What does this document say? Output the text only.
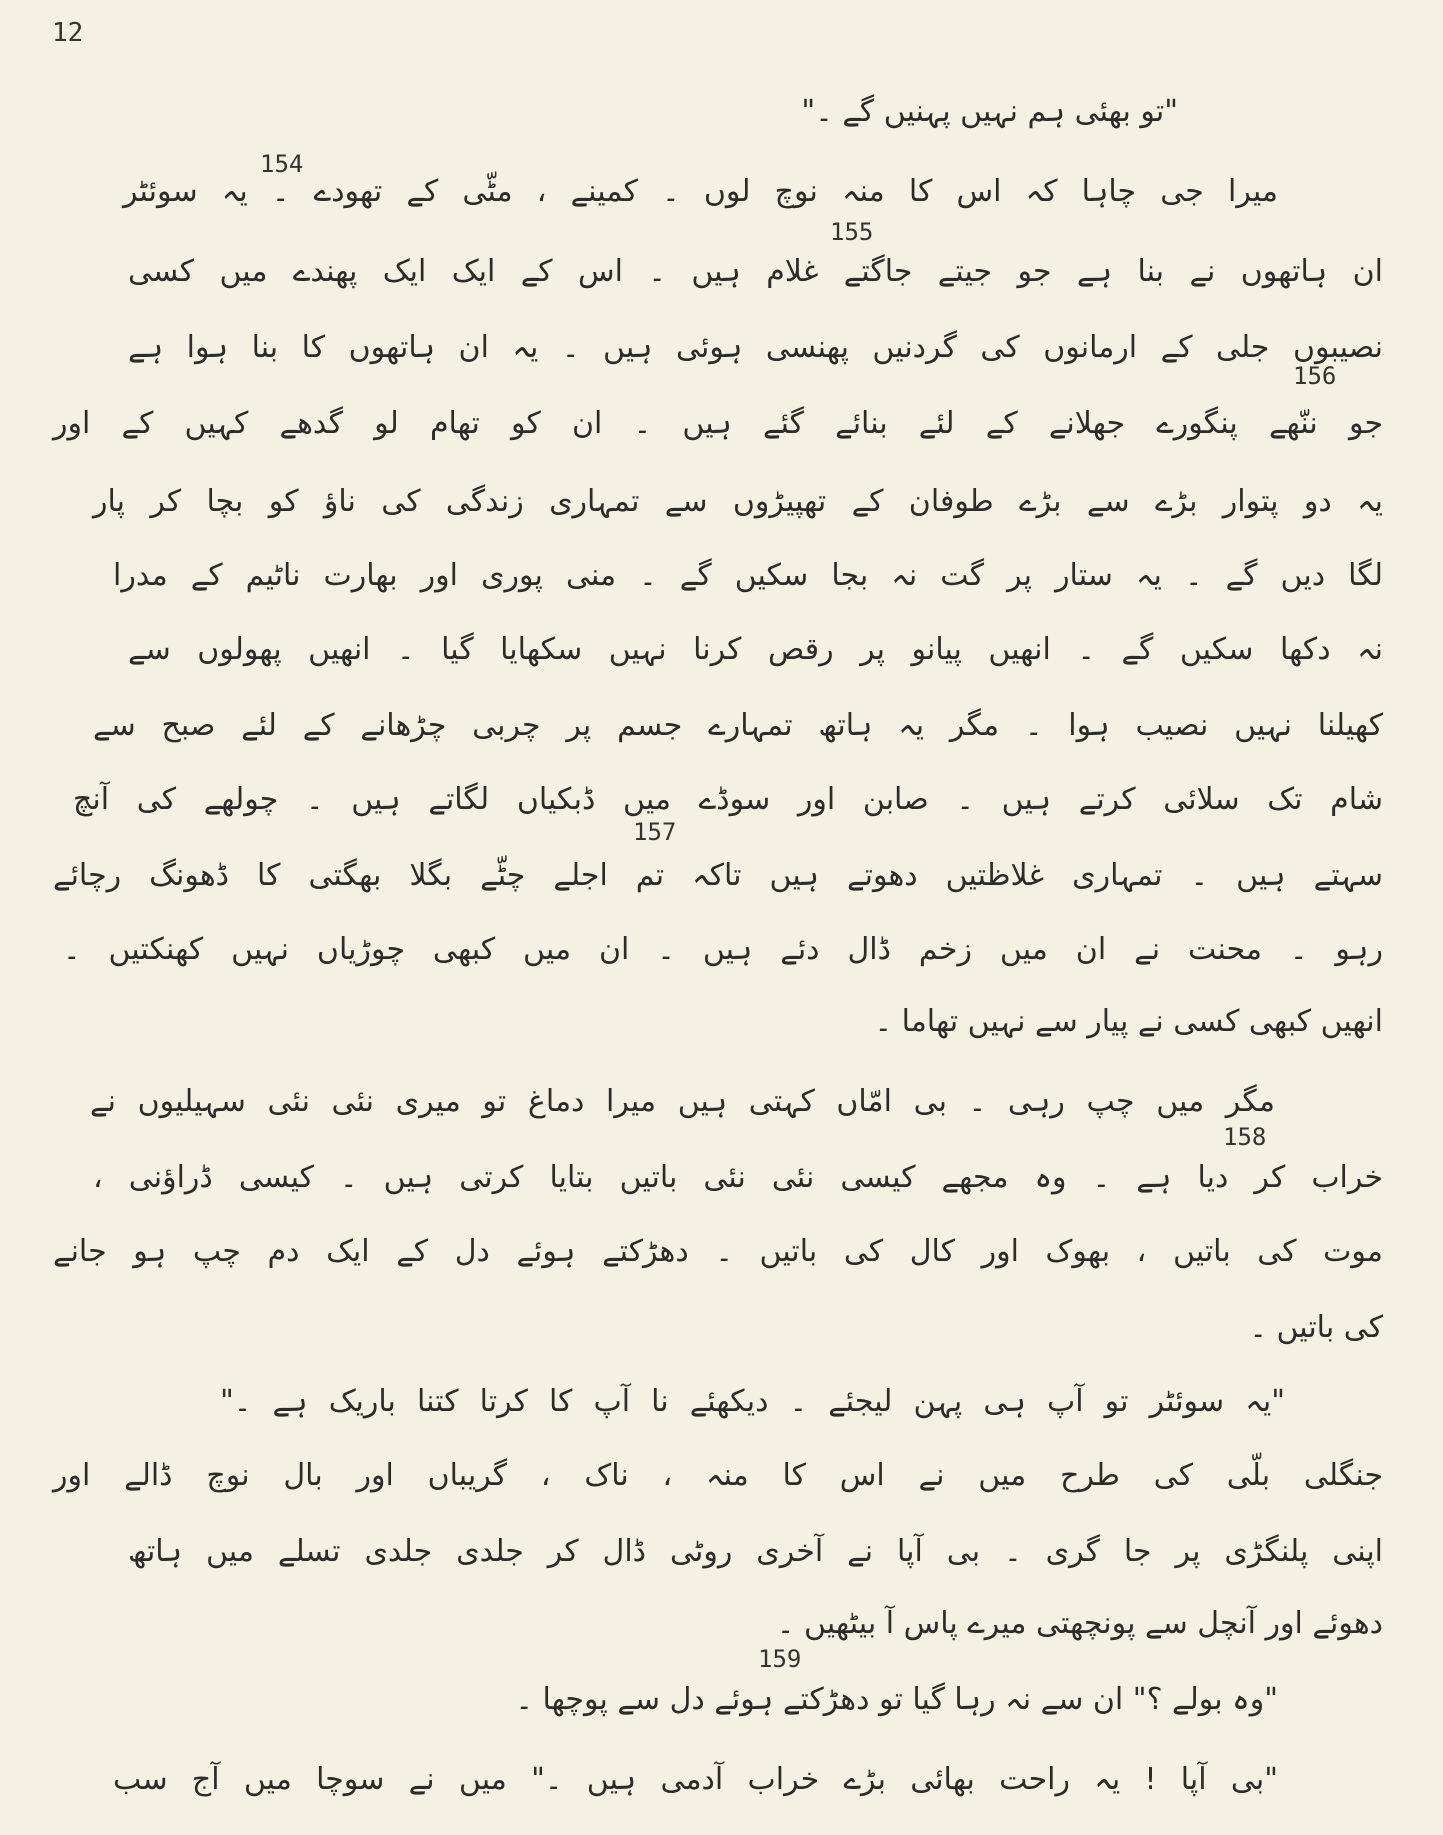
12
154
155
156
157
158
159
"تو بھئی ہم نہیں پہنیں گے ۔"
میرا جی چاہا کہ اس کا منہ نوچ لوں ۔ کمینے ، مٹّی کے تھودے ۔ یہ سوئٹر
ان ہاتھوں نے بنا ہے جو جیتے جاگتے غلام ہیں ۔ اس کے ایک ایک پھندے میں کسی
نصیبوں جلی کے ارمانوں کی گردنیں پھنسی ہوئی ہیں ۔ یہ ان ہاتھوں کا بنا ہوا ہے
جو ننّھے پنگورے جھلانے کے لئے بنائے گئے ہیں ۔ ان کو تھام لو گدھے کہیں کے اور
یہ دو پتوار بڑے سے بڑے طوفان کے تھپیڑوں سے تمہاری زندگی کی ناؤ کو بچا کر پار
لگا دیں گے ۔ یہ ستار پر گت نہ بجا سکیں گے ۔ منی پوری اور بھارت ناٹیم کے مدرا
نہ دکھا سکیں گے ۔ انھیں پیانو پر رقص کرنا نہیں سکھایا گیا ۔ انھیں پھولوں سے
کھیلنا نہیں نصیب ہوا ۔ مگر یہ ہاتھ تمہارے جسم پر چربی چڑھانے کے لئے صبح سے
شام تک سلائی کرتے ہیں ۔ صابن اور سوڈے میں ڈبکیاں لگاتے ہیں ۔ چولھے کی آنچ
سہتے ہیں ۔ تمہاری غلاظتیں دھوتے ہیں تاکہ تم اجلے چٹّے بگلا بھگتی کا ڈھونگ رچائے
رہو ۔ محنت نے ان میں زخم ڈال دئے ہیں ۔ ان میں کبھی چوڑیاں نہیں کھنکتیں ۔
انھیں کبھی کسی نے پیار سے نہیں تھاما ۔
مگر میں چپ رہی ۔ بی امّاں کہتی ہیں میرا دماغ تو میری نئی نئی سہیلیوں نے
خراب کر دیا ہے ۔ وہ مجھے کیسی نئی نئی باتیں بتایا کرتی ہیں ۔ کیسی ڈراؤنی ،
موت کی باتیں ، بھوک اور کال کی باتیں ۔ دھڑکتے ہوئے دل کے ایک دم چپ ہو جانے
کی باتیں ۔
"یہ سوئٹر تو آپ ہی پہن لیجئے ۔ دیکھئے نا آپ کا کرتا کتنا باریک ہے ۔"
جنگلی بلّی کی طرح میں نے اس کا منہ ، ناک ، گریباں اور بال نوچ ڈالے اور
اپنی پلنگڑی پر جا گری ۔ بی آپا نے آخری روٹی ڈال کر جلدی جلدی تسلے میں ہاتھ
دھوئے اور آنچل سے پونچھتی میرے پاس آ بیٹھیں ۔
"وہ بولے ؟" ان سے نہ رہا گیا تو دھڑکتے ہوئے دل سے پوچھا ۔
"بی آپا ! یہ راحت بھائی بڑے خراب آدمی ہیں ۔" میں نے سوچا میں آج سب
